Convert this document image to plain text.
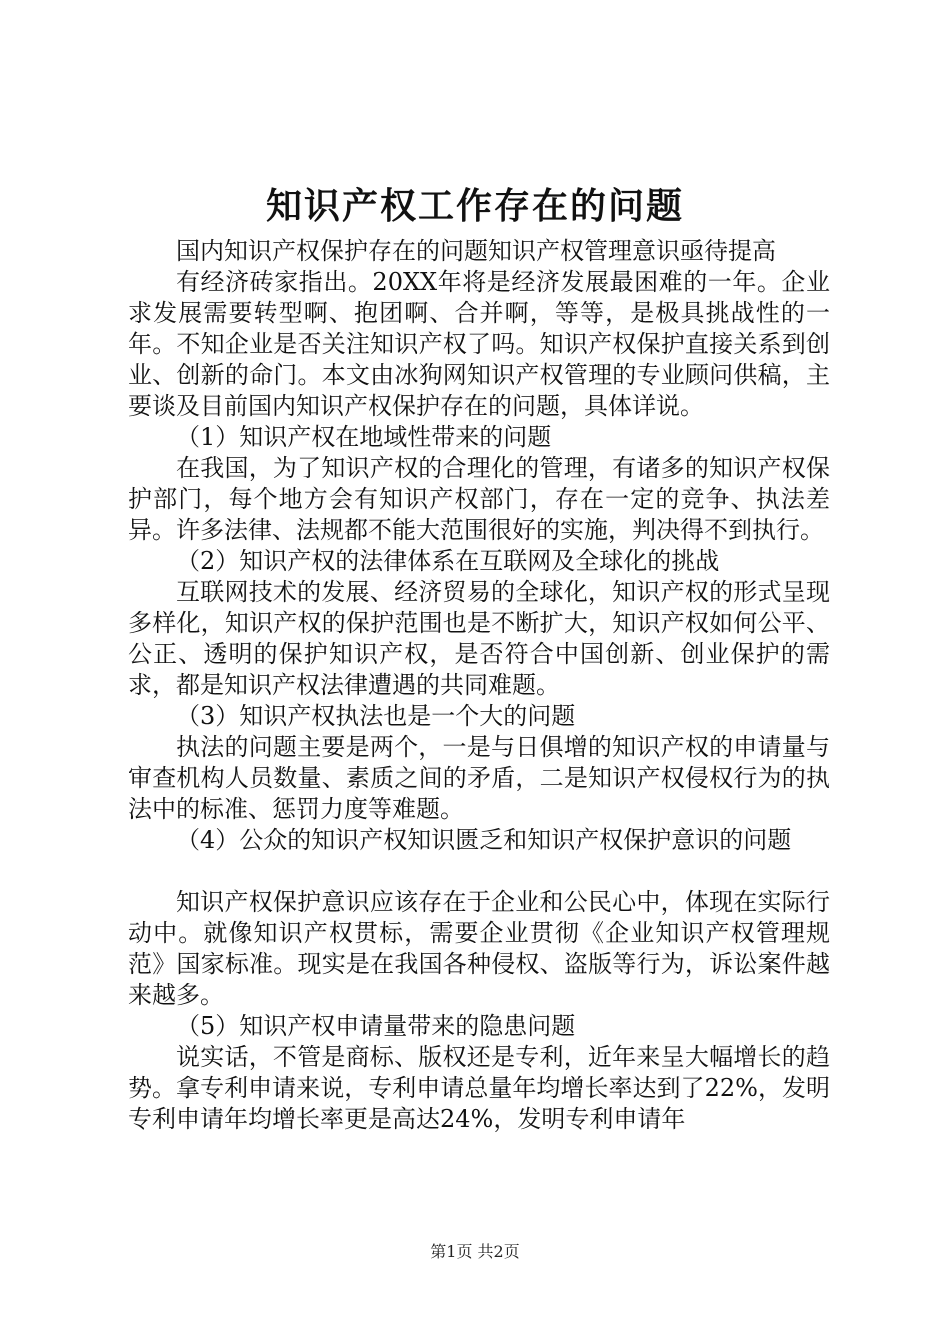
知识产权工作存在的问题

国内知识产权保护存在的问题知识产权管理意识亟待提高

有经济砖家指出。20XX年将是经济发展最困难的一年。企业求发展需要转型啊、抱团啊、合并啊，等等，是极具挑战性的一年。不知企业是否关注知识产权了吗。知识产权保护直接关系到创业、创新的命门。本文由冰狗网知识产权管理的专业顾问供稿，主要谈及目前国内知识产权保护存在的问题，具体详说。

（1）知识产权在地域性带来的问题

在我国，为了知识产权的合理化的管理，有诸多的知识产权保护部门，每个地方会有知识产权部门，存在一定的竞争、执法差异。许多法律、法规都不能大范围很好的实施，判决得不到执行。

（2）知识产权的法律体系在互联网及全球化的挑战

互联网技术的发展、经济贸易的全球化，知识产权的形式呈现多样化，知识产权的保护范围也是不断扩大，知识产权如何公平、公正、透明的保护知识产权，是否符合中国创新、创业保护的需求，都是知识产权法律遭遇的共同难题。

（3）知识产权执法也是一个大的问题

执法的问题主要是两个，一是与日俱增的知识产权的申请量与审查机构人员数量、素质之间的矛盾，二是知识产权侵权行为的执法中的标准、惩罚力度等难题。

（4）公众的知识产权知识匮乏和知识产权保护意识的问题

知识产权保护意识应该存在于企业和公民心中，体现在实际行动中。就像知识产权贯标，需要企业贯彻《企业知识产权管理规范》国家标准。现实是在我国各种侵权、盗版等行为，诉讼案件越来越多。

（5）知识产权申请量带来的隐患问题

说实话，不管是商标、版权还是专利，近年来呈大幅增长的趋势。拿专利申请来说，专利申请总量年均增长率达到了22%，发明专利申请年均增长率更是高达24%，发明专利申请年

第1页 共2页
